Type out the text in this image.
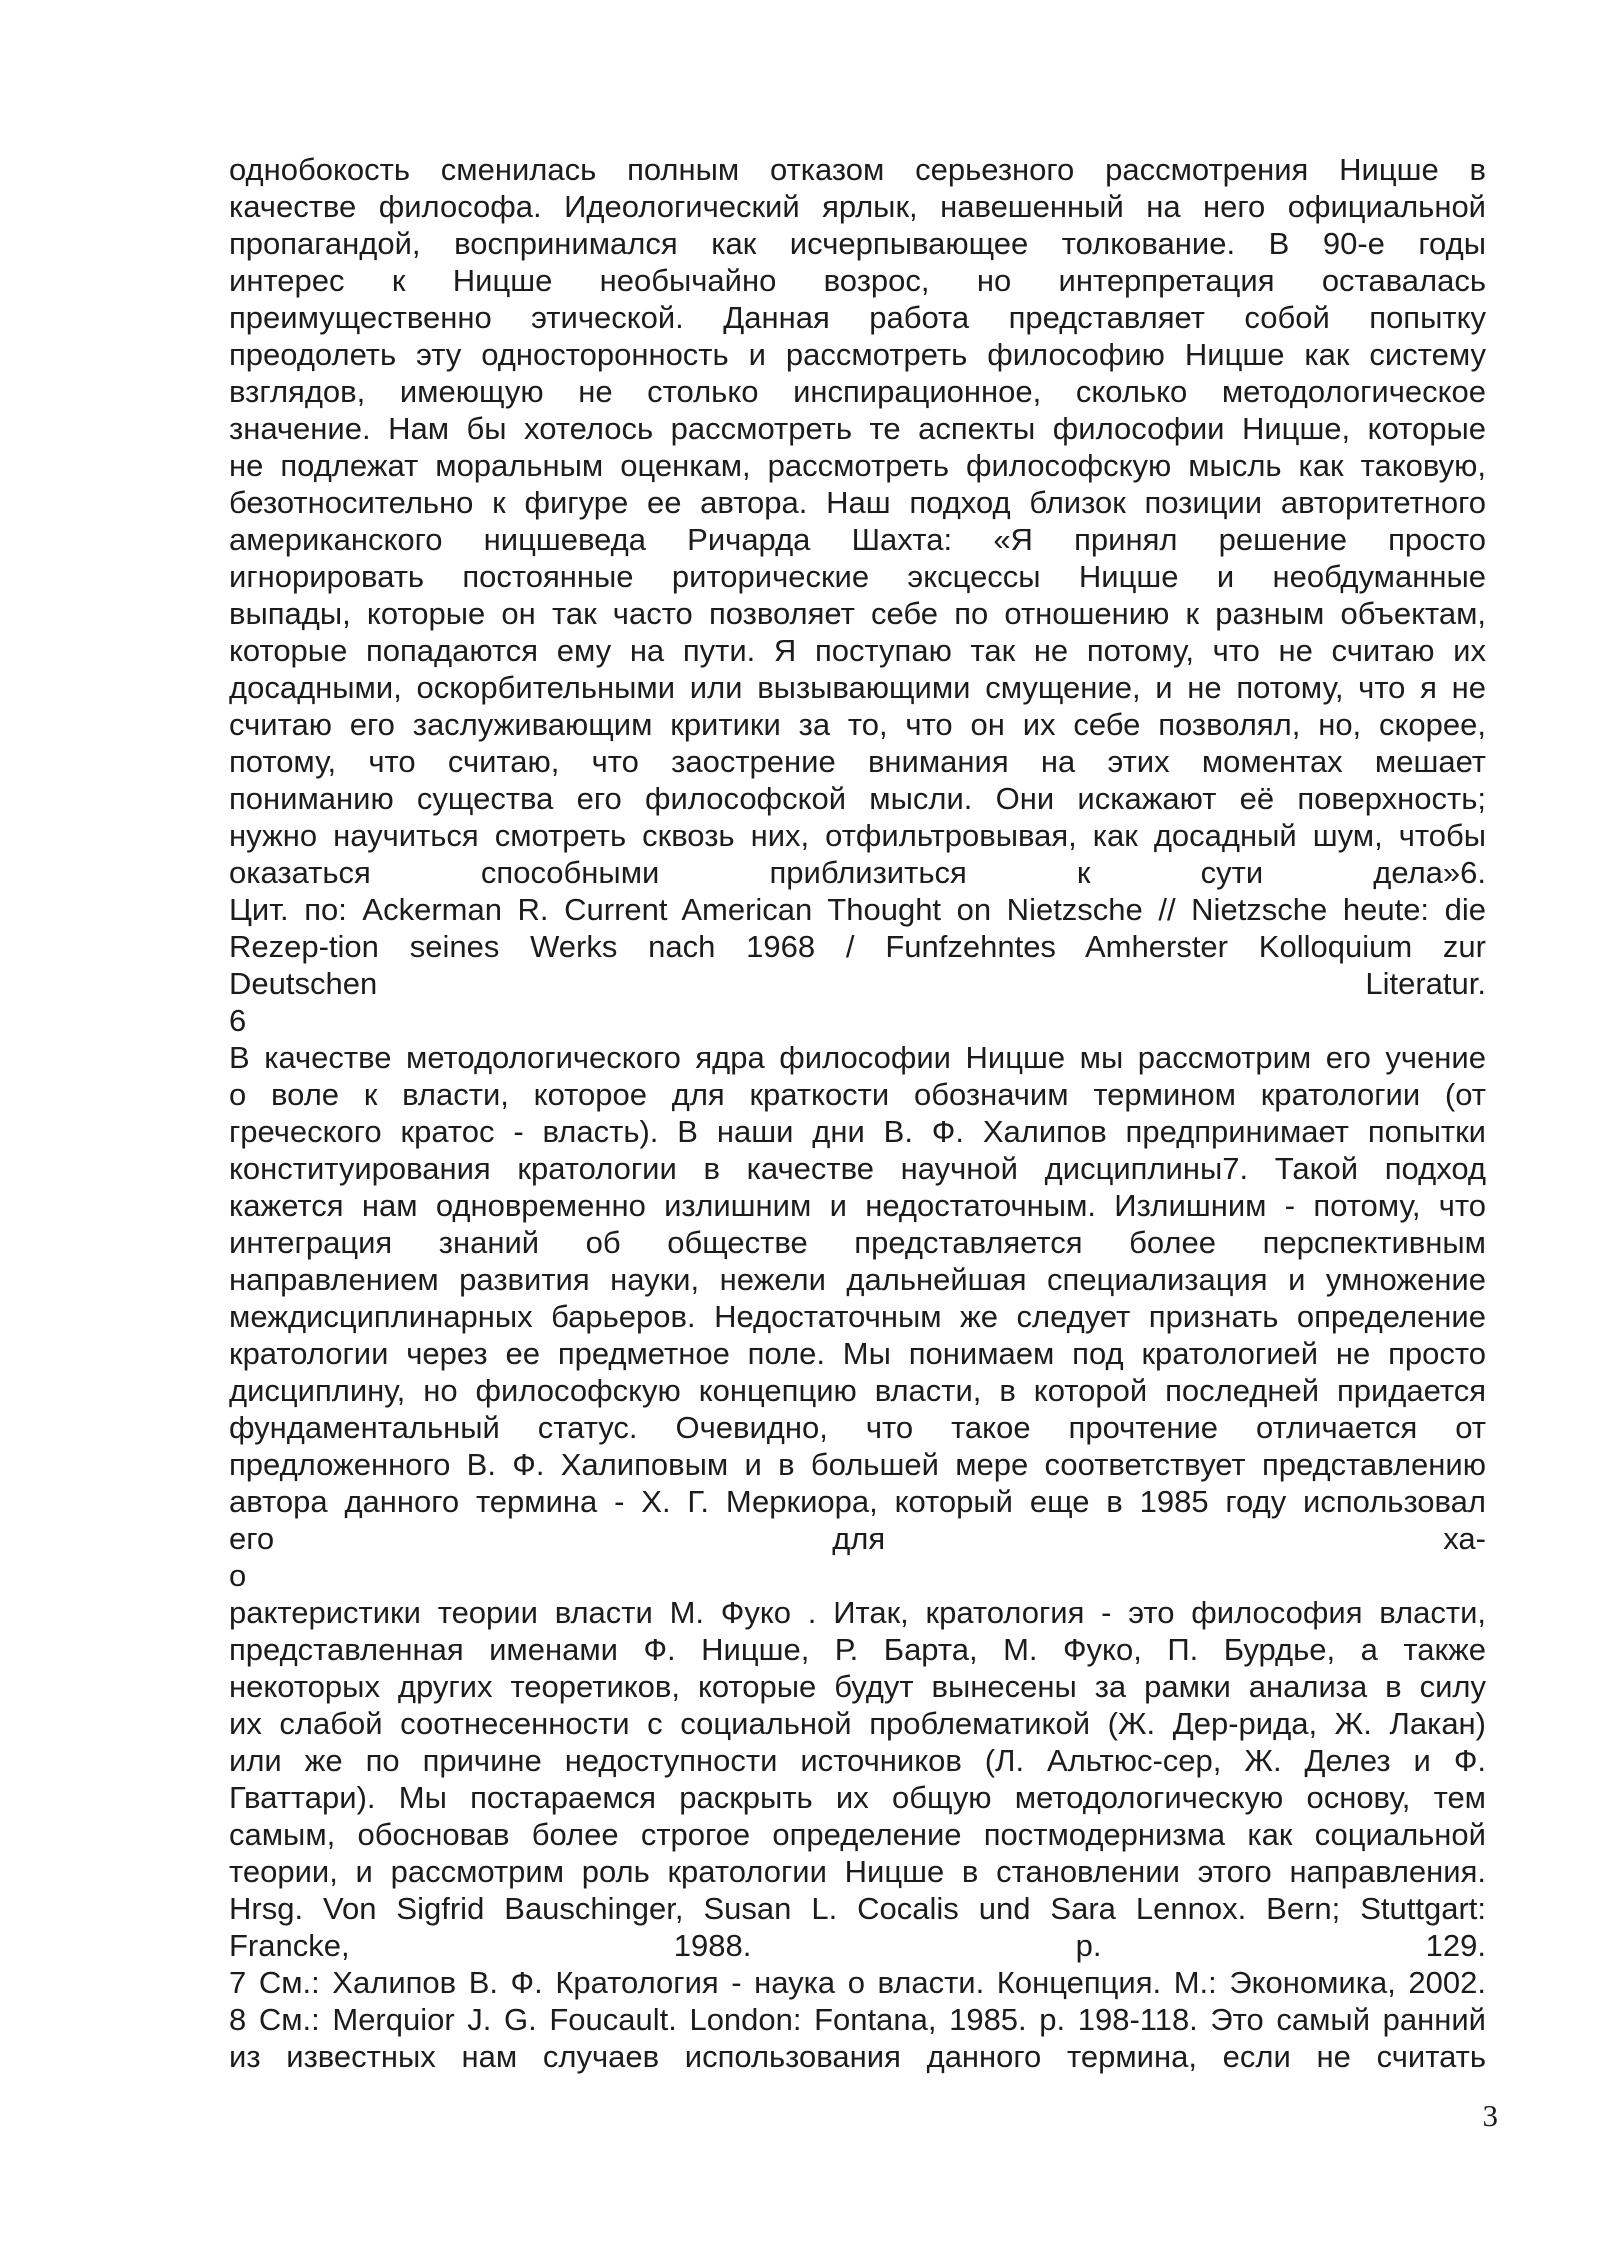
однобокость сменилась полным отказом серьезного рассмотрения Ницше в
качестве философа. Идеологический ярлык, навешенный на него официальной
пропагандой, воспринимался как исчерпывающее толкование. В 90-е годы
интерес к Ницше необычайно возрос, но интерпретация оставалась
преимущественно этической. Данная работа представляет собой попытку
преодолеть эту односторонность и рассмотреть философию Ницше как систему
взглядов, имеющую не столько инспирационное, сколько методологическое
значение. Нам бы хотелось рассмотреть те аспекты философии Ницше, которые
не подлежат моральным оценкам, рассмотреть философскую мысль как таковую,
безотносительно к фигуре ее автора. Наш подход близок позиции авторитетного
американского ницшеведа Ричарда Шахта: «Я принял решение просто
игнорировать постоянные риторические эксцессы Ницше и необдуманные
выпады, которые он так часто позволяет себе по отношению к разным объектам,
которые попадаются ему на пути. Я поступаю так не потому, что не считаю их
досадными, оскорбительными или вызывающими смущение, и не потому, что я не
считаю его заслуживающим критики за то, что он их себе позволял, но, скорее,
потому, что считаю, что заострение внимания на этих моментах мешает
пониманию существа его философской мысли. Они искажают её поверхность;
нужно научиться смотреть сквозь них, отфильтровывая, как досадный шум, чтобы
оказаться способными приблизиться к сути дела»6.
Цит. по: Ackerman R. Current American Thought on Nietzsche // Nietzsche heute: die
Rezep-tion seines Werks nach 1968 / Funfzehntes Amherster Kolloquium zur
Deutschen Literatur.
6
В качестве методологического ядра философии Ницше мы рассмотрим его учение
о воле к власти, которое для краткости обозначим термином кратологии (от
греческого кратос - власть). В наши дни В. Ф. Халипов предпринимает попытки
конституирования кратологии в качестве научной дисциплины7. Такой подход
кажется нам одновременно излишним и недостаточным. Излишним - потому, что
интеграция знаний об обществе представляется более перспективным
направлением развития науки, нежели дальнейшая специализация и умножение
междисциплинарных барьеров. Недостаточным же следует признать определение
кратологии через ее предметное поле. Мы понимаем под кратологией не просто
дисциплину, но философскую концепцию власти, в которой последней придается
фундаментальный статус. Очевидно, что такое прочтение отличается от
предложенного В. Ф. Халиповым и в большей мере соответствует представлению
автора данного термина - Х. Г. Меркиора, который еще в 1985 году использовал
его для ха-
о
рактеристики теории власти М. Фуко . Итак, кратология - это философия власти,
представленная именами Ф. Ницше, Р. Барта, М. Фуко, П. Бурдье, а также
некоторых других теоретиков, которые будут вынесены за рамки анализа в силу
их слабой соотнесенности с социальной проблематикой (Ж. Дер-рида, Ж. Лакан)
или же по причине недоступности источников (Л. Альтюс-сер, Ж. Делез и Ф.
Гваттари). Мы постараемся раскрыть их общую методологическую основу, тем
самым, обосновав более строгое определение постмодернизма как социальной
теории, и рассмотрим роль кратологии Ницше в становлении этого направления.
Hrsg. Von Sigfrid Bauschinger, Susan L. Cocalis und Sara Lennox. Bern; Stuttgart:
Francke, 1988. p. 129.
7 См.: Халипов В. Ф. Кратология - наука о власти. Концепция. М.: Экономика, 2002.
8 См.: Merquior J. G. Foucault. London: Fontana, 1985. p. 198-118. Это самый ранний
из известных нам случаев использования данного термина, если не считать
3
